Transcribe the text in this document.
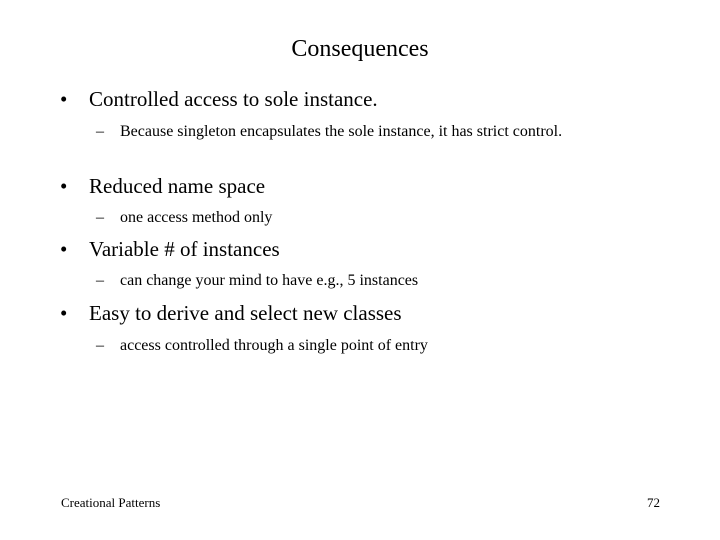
Consequences
• Controlled access to sole instance.
– Because singleton encapsulates the sole instance, it has strict control.
• Reduced name space
– one access method only
• Variable # of instances
– can change your mind to have e.g., 5 instances
• Easy to derive and select new classes
– access controlled through a single point of entry
Creational Patterns	72
